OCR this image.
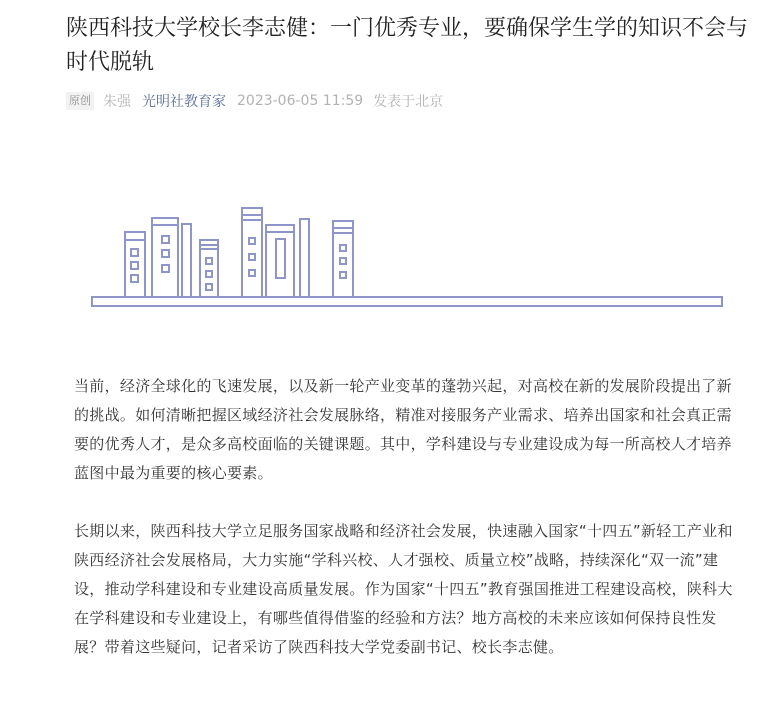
陕西科技大学校长李志健：一门优秀专业，要确保学生学的知识不会与时代脱轨
原创 朱强 光明社教育家 2023-06-05 11:59 发表于北京

当前，经济全球化的飞速发展，以及新一轮产业变革的蓬勃兴起，对高校在新的发展阶段提出了新的挑战。如何清晰把握区域经济社会发展脉络，精准对接服务产业需求、培养出国家和社会真正需要的优秀人才，是众多高校面临的关键课题。其中，学科建设与专业建设成为每一所高校人才培养蓝图中最为重要的核心要素。

长期以来，陕西科技大学立足服务国家战略和经济社会发展，快速融入国家“十四五”新轻工产业和陕西经济社会发展格局，大力实施“学科兴校、人才强校、质量立校”战略，持续深化“双一流”建设，推动学科建设和专业建设高质量发展。作为国家“十四五”教育强国推进工程建设高校，陕科大在学科建设和专业建设上，有哪些值得借鉴的经验和方法？地方高校的未来应该如何保持良性发展？带着这些疑问，记者采访了陕西科技大学党委副书记、校长李志健。
